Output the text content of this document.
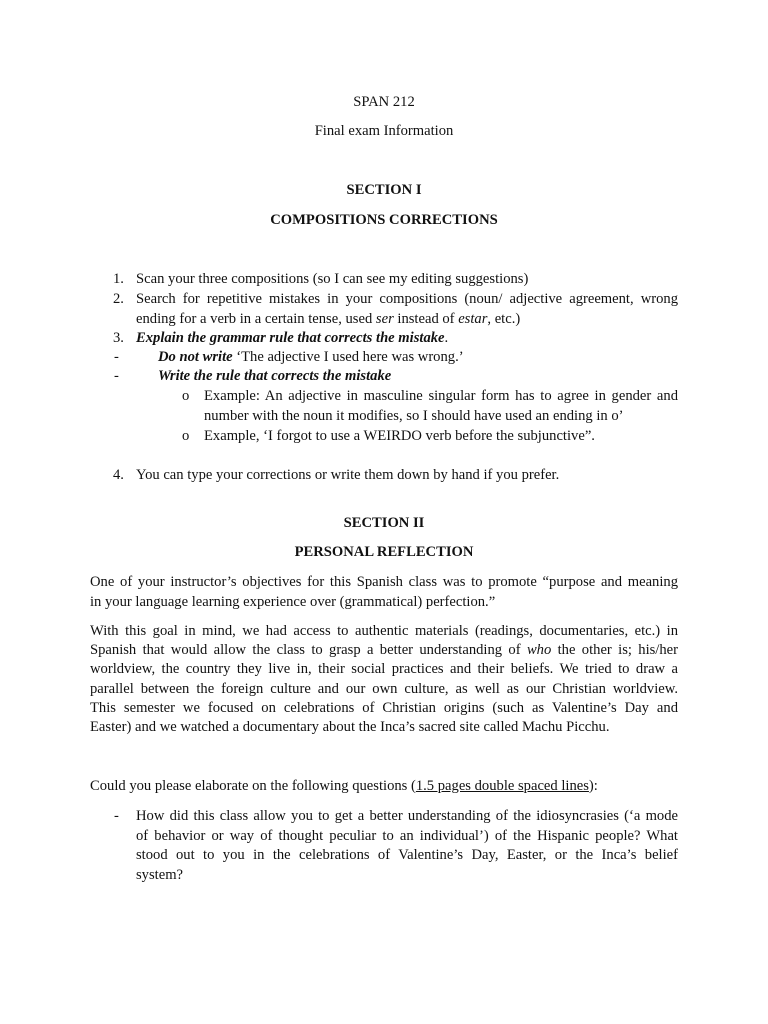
SPAN 212
Final exam Information
SECTION I
COMPOSITIONS CORRECTIONS
1. Scan your three compositions (so I can see my editing suggestions)
2. Search for repetitive mistakes in your compositions (noun/ adjective agreement, wrong
ending for a verb in a certain tense, used ser instead of estar, etc.)
3. Explain the grammar rule that corrects the mistake.
-	Do not write ‘The adjective I used here was wrong.’
-	Write the rule that corrects the mistake
o Example: An adjective in masculine singular form has to agree in gender and
number with the noun it modifies, so I should have used an ending in o’
o Example, ‘I forgot to use a WEIRDO verb before the subjunctive”.
4. You can type your corrections or write them down by hand if you prefer.
SECTION II
PERSONAL REFLECTION
One of your instructor’s objectives for this Spanish class was to promote “purpose and meaning
in your language learning experience over (grammatical) perfection.”
With this goal in mind, we had access to authentic materials (readings, documentaries, etc.) in
Spanish that would allow the class to grasp a better understanding of who the other is; his/her
worldview, the country they live in, their social practices and their beliefs. We tried to draw a
parallel between the foreign culture and our own culture, as well as our Christian worldview.
This semester we focused on celebrations of Christian origins (such as Valentine’s Day and
Easter) and we watched a documentary about the Inca’s sacred site called Machu Picchu.
Could you please elaborate on the following questions (1.5 pages double spaced lines):
- How did this class allow you to get a better understanding of the idiosyncrasies (‘a mode
of behavior or way of thought peculiar to an individual’) of the Hispanic people? What
stood out to you in the celebrations of Valentine’s Day, Easter, or the Inca’s belief
system?
